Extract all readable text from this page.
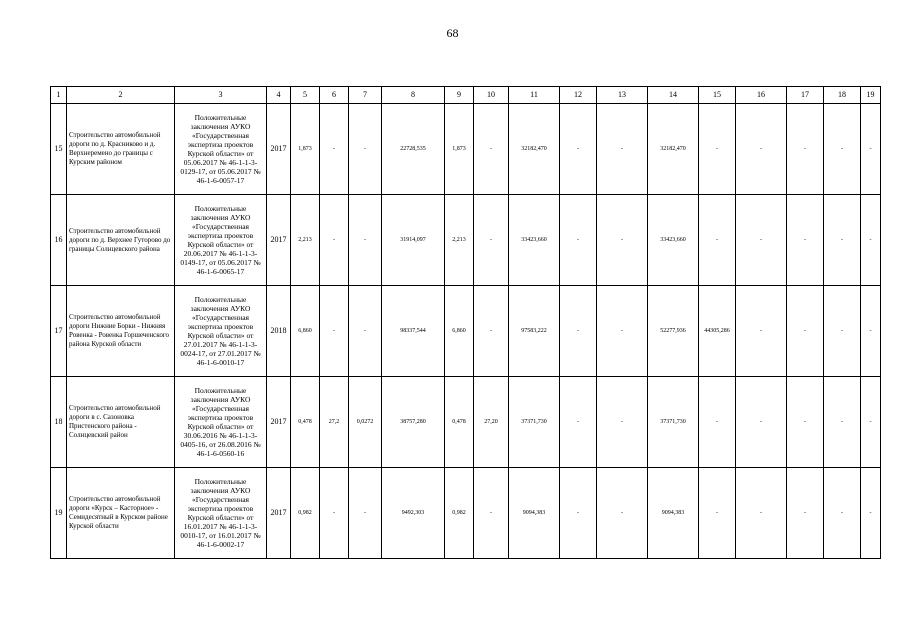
68
1	2	3	4	5	6	7	8	9	10	11	12	13	14	15	16	17	18	19
15	Строительство автомобильной дороги по д. Красниково и д. Верхнеремено до границы с Курским районом	Положительные заключения АУКО «Государственная экспертиза проектов Курской области» от 05.06.2017 № 46-1-1-3-0129-17, от 05.06.2017 № 46-1-6-0057-17	2017	1,873	-	-	22728,535	1,873	-	32182,470	-	-	32182,470	-	-	-	-	-
16	Строительство автомобильной дороги по д. Верхнее Гуторово до границы Солнцевского района	Положительные заключения АУКО «Государственная экспертиза проектов Курской области» от 20.06.2017 № 46-1-1-3-0149-17, от 05.06.2017 № 46-1-6-0065-17	2017	2,213	-	-	31914,097	2,213	-	33423,660	-	-	33423,660	-	-	-	-	-
17	Строительство автомобильной дороги Нижние Борки - Нижняя Ровенка - Ровенка Горшеченского района Курской области	Положительные заключения АУКО «Государственная экспертиза проектов Курской области» от 27.01.2017 № 46-1-1-3-0024-17, от 27.01.2017 № 46-1-6-0010-17	2018	6,860	-	-	98337,544	6,860	-	97583,222	-	-	52277,936	44305,286	-	-	-	-
18	Строительство автомобильной дороги в с. Сазоновка Пристенского района - Солнцевский район	Положительные заключения АУКО «Государственная экспертиза проектов Курской области» от 30.06.2016 № 46-1-1-3-0405-16, от 26.08.2016 № 46-1-6-0560-16	2017	0,478	27,2	0,0272	38757,280	0,478	27,20	37371,730	-	-	37371,730	-	-	-	-	-
19	Строительство автомобильной дороги «Курск – Касторное» - Семидесятный в Курском районе Курской области	Положительные заключения АУКО «Государственная экспертиза проектов Курской области» от 16.01.2017 № 46-1-1-3-0010-17, от 16.01.2017 № 46-1-6-0002-17	2017	0,982	-	-	9492,303	0,982	-	9094,383	-	-	9094,383	-	-	-	-	-
